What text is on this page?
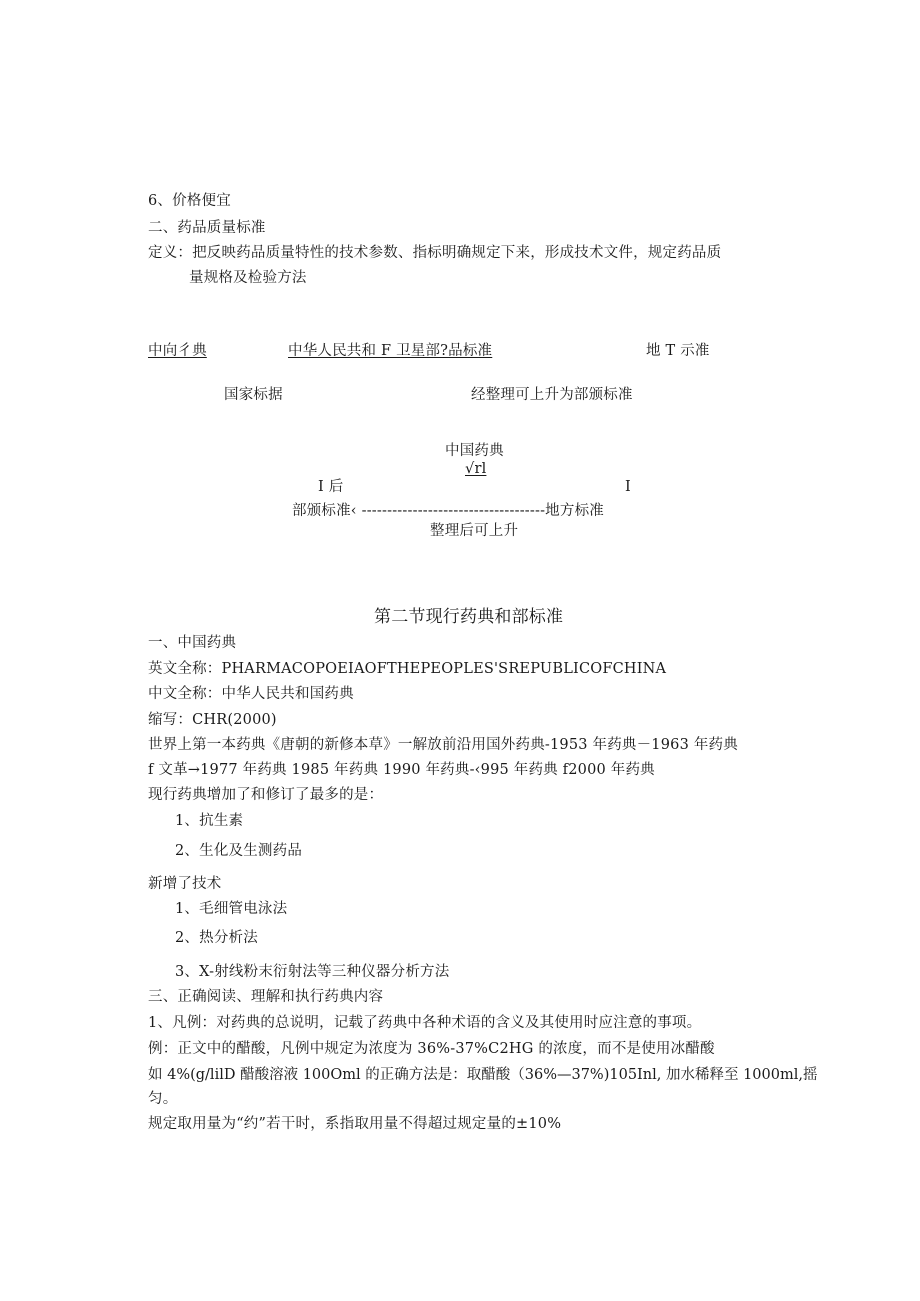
6、价格便宜
二、药品质量标准
定义：把反映药品质量特性的技术参数、指标明确规定下来，形成技术文件，规定药品质
量规格及检验方法
中向彳典	中华人民共和 F 卫星部?品标准	地 T 示准
国家标据	经整理可上升为部颁标准
中国药典
√rl
I 后	I
部颁标准‹ ------------------------------------地方标准
整理后可上升
第二节现行药典和部标准
一、中国药典
英文全称：PHARMACOPOEIAOFTHEPEOPLES'SREPUBLICOFCHINA
中文全称：中华人民共和国药典
缩写：CHR(2000)
世界上第一本药典《唐朝的新修本草》一解放前沿用国外药典-1953 年药典－1963 年药典
f 文革→1977 年药典 1985 年药典 1990 年药典-‹995 年药典 f2000 年药典
现行药典增加了和修订了最多的是：
1、抗生素
2、生化及生测药品
新增了技术
1、毛细管电泳法
2、热分析法
3、X-射线粉末衍射法等三种仪器分析方法
三、正确阅读、理解和执行药典内容
1、凡例：对药典的总说明，记载了药典中各种术语的含义及其使用时应注意的事项。
例：正文中的醋酸，凡例中规定为浓度为 36%-37%C2HG 的浓度，而不是使用冰醋酸
如 4%(g/lilD 醋酸溶液 100Oml 的正确方法是：取醋酸（36%—37%)105Inl, 加水稀释至 1000ml,摇
匀。
规定取用量为“约”若干时，系指取用量不得超过规定量的±10%
